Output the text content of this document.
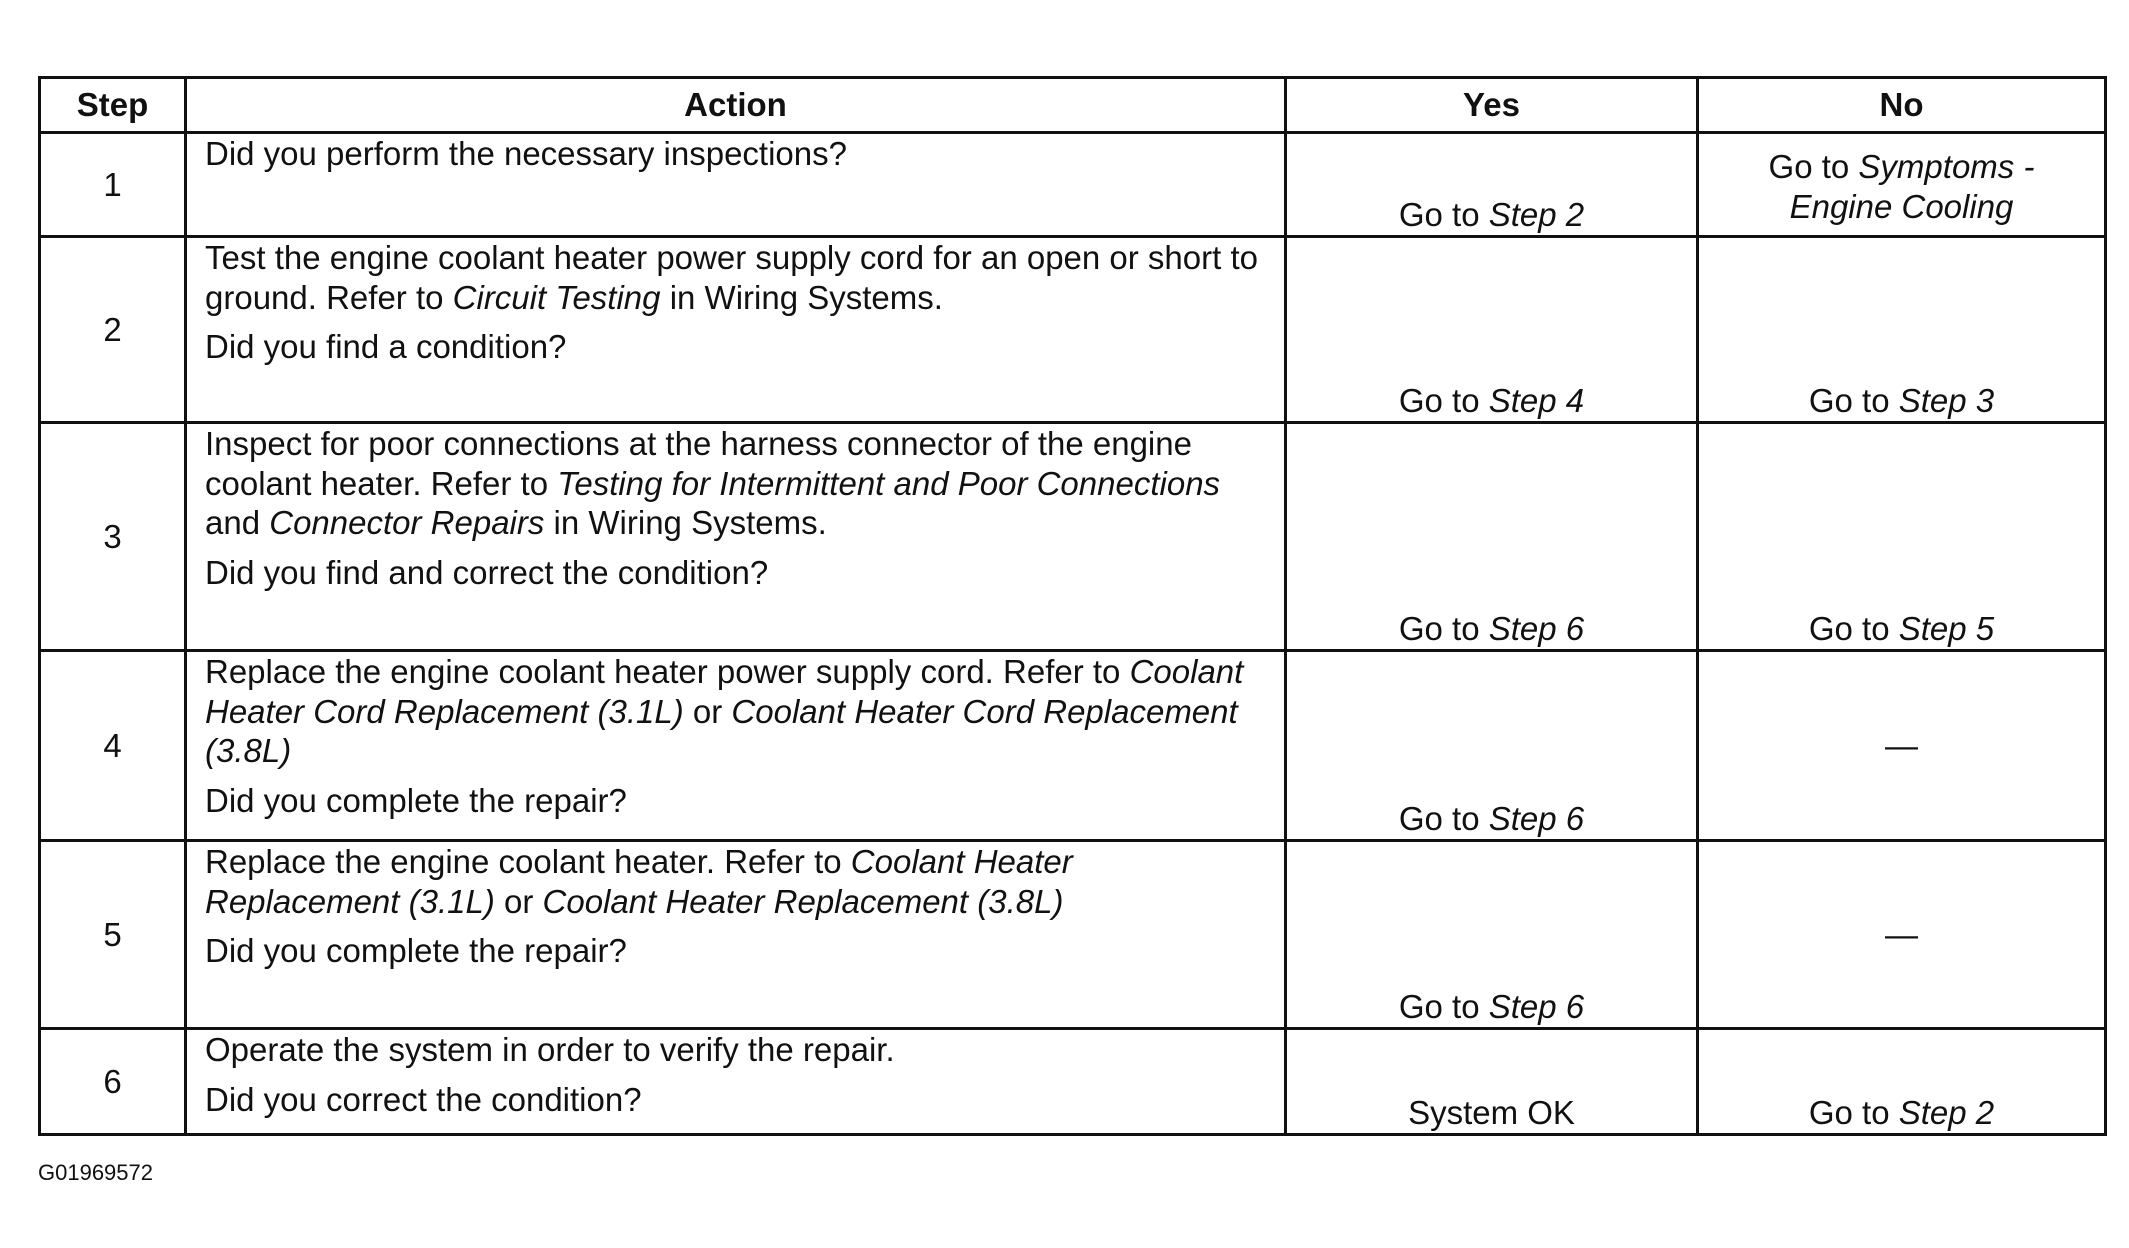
Step	Action	Yes	No
1	Did you perform the necessary inspections?	Go to Step 2	Go to Symptoms - Engine Cooling
2	Test the engine coolant heater power supply cord for an open or short to ground. Refer to Circuit Testing in Wiring Systems.

Did you find a condition?	Go to Step 4	Go to Step 3
3	Inspect for poor connections at the harness connector of the engine coolant heater. Refer to Testing for Intermittent and Poor Connections and Connector Repairs in Wiring Systems.

Did you find and correct the condition?	Go to Step 6	Go to Step 5
4	Replace the engine coolant heater power supply cord. Refer to Coolant Heater Cord Replacement (3.1L) or Coolant Heater Cord Replacement (3.8L)

Did you complete the repair?	Go to Step 6	—
5	Replace the engine coolant heater. Refer to Coolant Heater Replacement (3.1L) or Coolant Heater Replacement (3.8L)

Did you complete the repair?	Go to Step 6	—
6	Operate the system in order to verify the repair.

Did you correct the condition?	System OK	Go to Step 2
G01969572
